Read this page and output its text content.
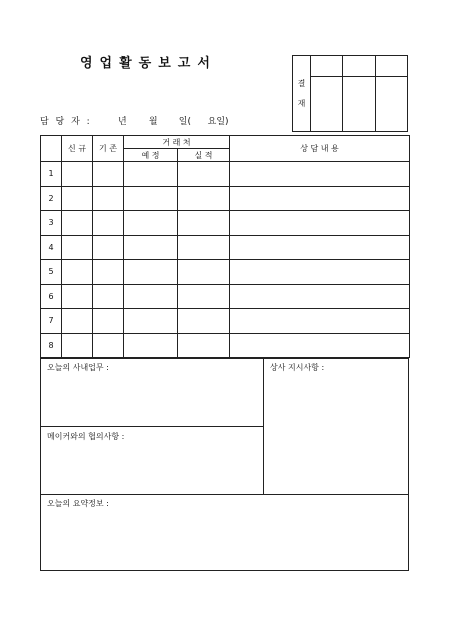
영업활동보고서
담 당 자 :	년 월 일( 요일)
결
재
	신 규	기 존	거 래 처		상 담 내 용
			예 정	실 적	
1					
2					
3					
4					
5					
6					
7					
8					
오늘의 사내업무 :	상사 지시사항 :
메이커와의 협의사항 :
오늘의 요약정보 :
